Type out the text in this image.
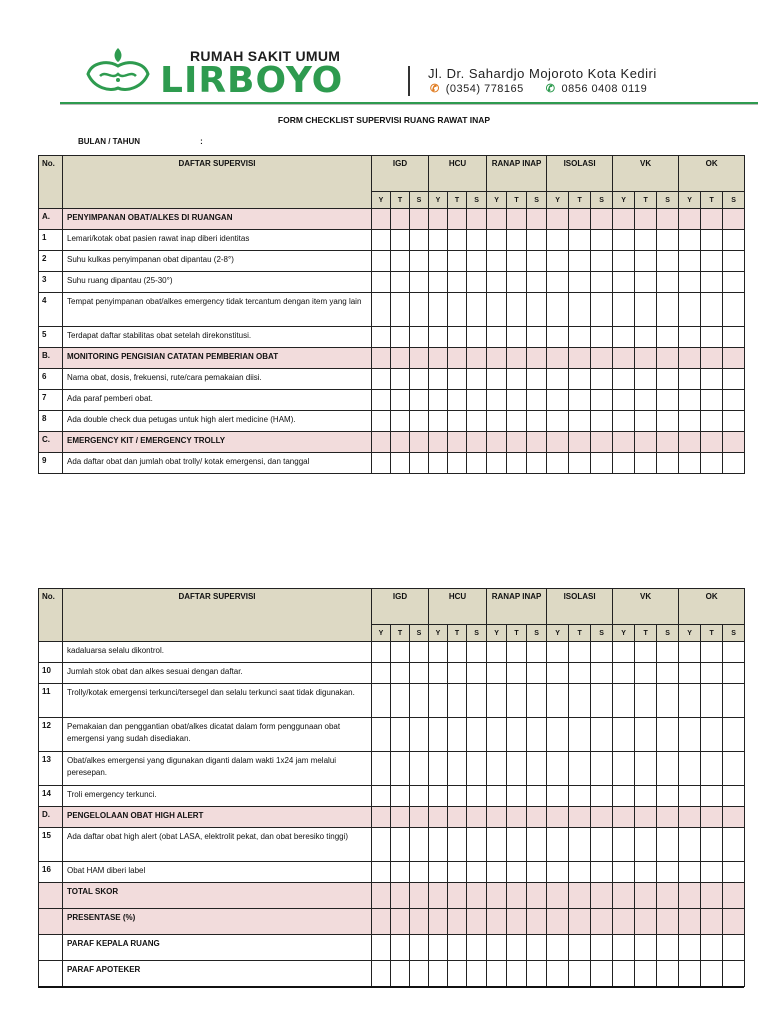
RUMAH SAKIT UMUM
LIRBOYO	Jl. Dr. Sahardjo Mojoroto Kota Kediri
✆ (0354) 778165 ✆ 0856 0408 0119
FORM CHECKLIST SUPERVISI RUANG RAWAT INAP
BULAN / TAHUN	:
No.	DAFTAR SUPERVISI	IGD			HCU			RANAP INAP			ISOLASI			VK			OK		
		Y	T	S	Y	T	S	Y	T	S	Y	T	S	Y	T	S	Y	T	S
A.	PENYIMPANAN OBAT/ALKES DI RUANGAN																		
1	Lemari/kotak obat pasien rawat inap diberi identitas																		
2	Suhu kulkas penyimpanan obat dipantau (2-8°)																		
3	Suhu ruang dipantau (25-30°)																		
4	Tempat penyimpanan obat/alkes emergency tidak tercantum dengan item yang lain																		
5	Terdapat daftar stabilitas obat setelah direkonstitusi.																		
B.	MONITORING PENGISIAN CATATAN PEMBERIAN OBAT																		
6	Nama obat, dosis, frekuensi, rute/cara pemakaian diisi.																		
7	Ada paraf pemberi obat.																		
8	Ada double check dua petugas untuk high alert medicine (HAM).																		
C.	EMERGENCY KIT / EMERGENCY TROLLY																		
9	Ada daftar obat dan jumlah obat trolly/ kotak emergensi, dan tanggal																		
No.	DAFTAR SUPERVISI	IGD			HCU			RANAP INAP			ISOLASI			VK			OK		
		Y	T	S	Y	T	S	Y	T	S	Y	T	S	Y	T	S	Y	T	S
	kadaluarsa selalu dikontrol.																		
10	Jumlah stok obat dan alkes sesuai dengan daftar.																		
11	Trolly/kotak emergensi terkunci/tersegel dan selalu terkunci saat tidak digunakan.																		
12	Pemakaian dan penggantian obat/alkes dicatat dalam form penggunaan obat emergensi yang sudah disediakan.																		
13	Obat/alkes emergensi yang digunakan diganti dalam wakti 1x24 jam melalui peresepan.																		
14	Troli emergency terkunci.																		
D.	PENGELOLAAN OBAT HIGH ALERT																		
15	Ada daftar obat high alert (obat LASA, elektrolit pekat, dan obat beresiko tinggi)																		
16	Obat HAM diberi label																		
	TOTAL SKOR																		
	PRESENTASE (%)																		
	PARAF KEPALA RUANG																		
	PARAF APOTEKER																		
